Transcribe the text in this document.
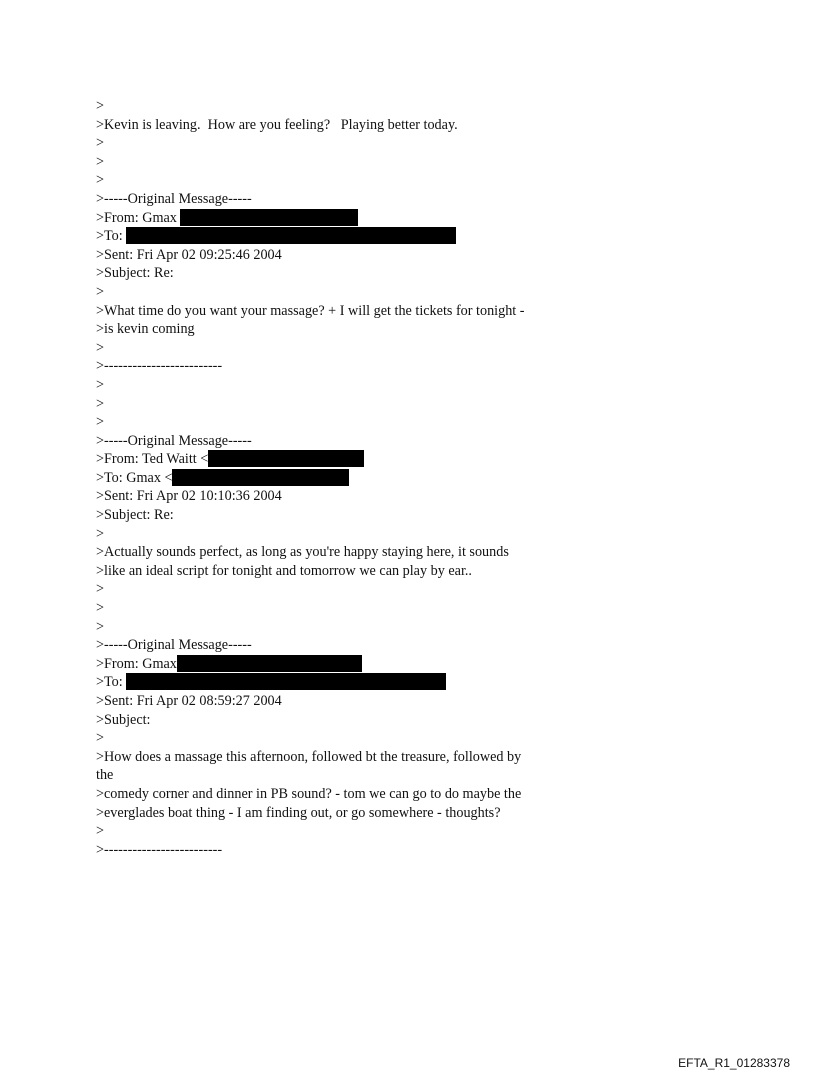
>
>Kevin is leaving.  How are you feeling?   Playing better today.
>
>
>
>-----Original Message-----
>From: Gmax
>To:
>Sent: Fri Apr 02 09:25:46 2004
>Subject: Re:
>
>What time do you want your massage? + I will get the tickets for tonight -
>is kevin coming
>
>-------------------------
>
>
>
>-----Original Message-----
>From: Ted Waitt <
>To: Gmax <
>Sent: Fri Apr 02 10:10:36 2004
>Subject: Re:
>
>Actually sounds perfect, as long as you're happy staying here, it sounds
>like an ideal script for tonight and tomorrow we can play by ear..
>
>
>
>-----Original Message-----
>From: Gmax
>To:
>Sent: Fri Apr 02 08:59:27 2004
>Subject:
>
>How does a massage this afternoon, followed bt the treasure, followed by
the
>comedy corner and dinner in PB sound? - tom we can go to do maybe the
>everglades boat thing - I am finding out, or go somewhere - thoughts?
>
>-------------------------
EFTA_R1_01283378
